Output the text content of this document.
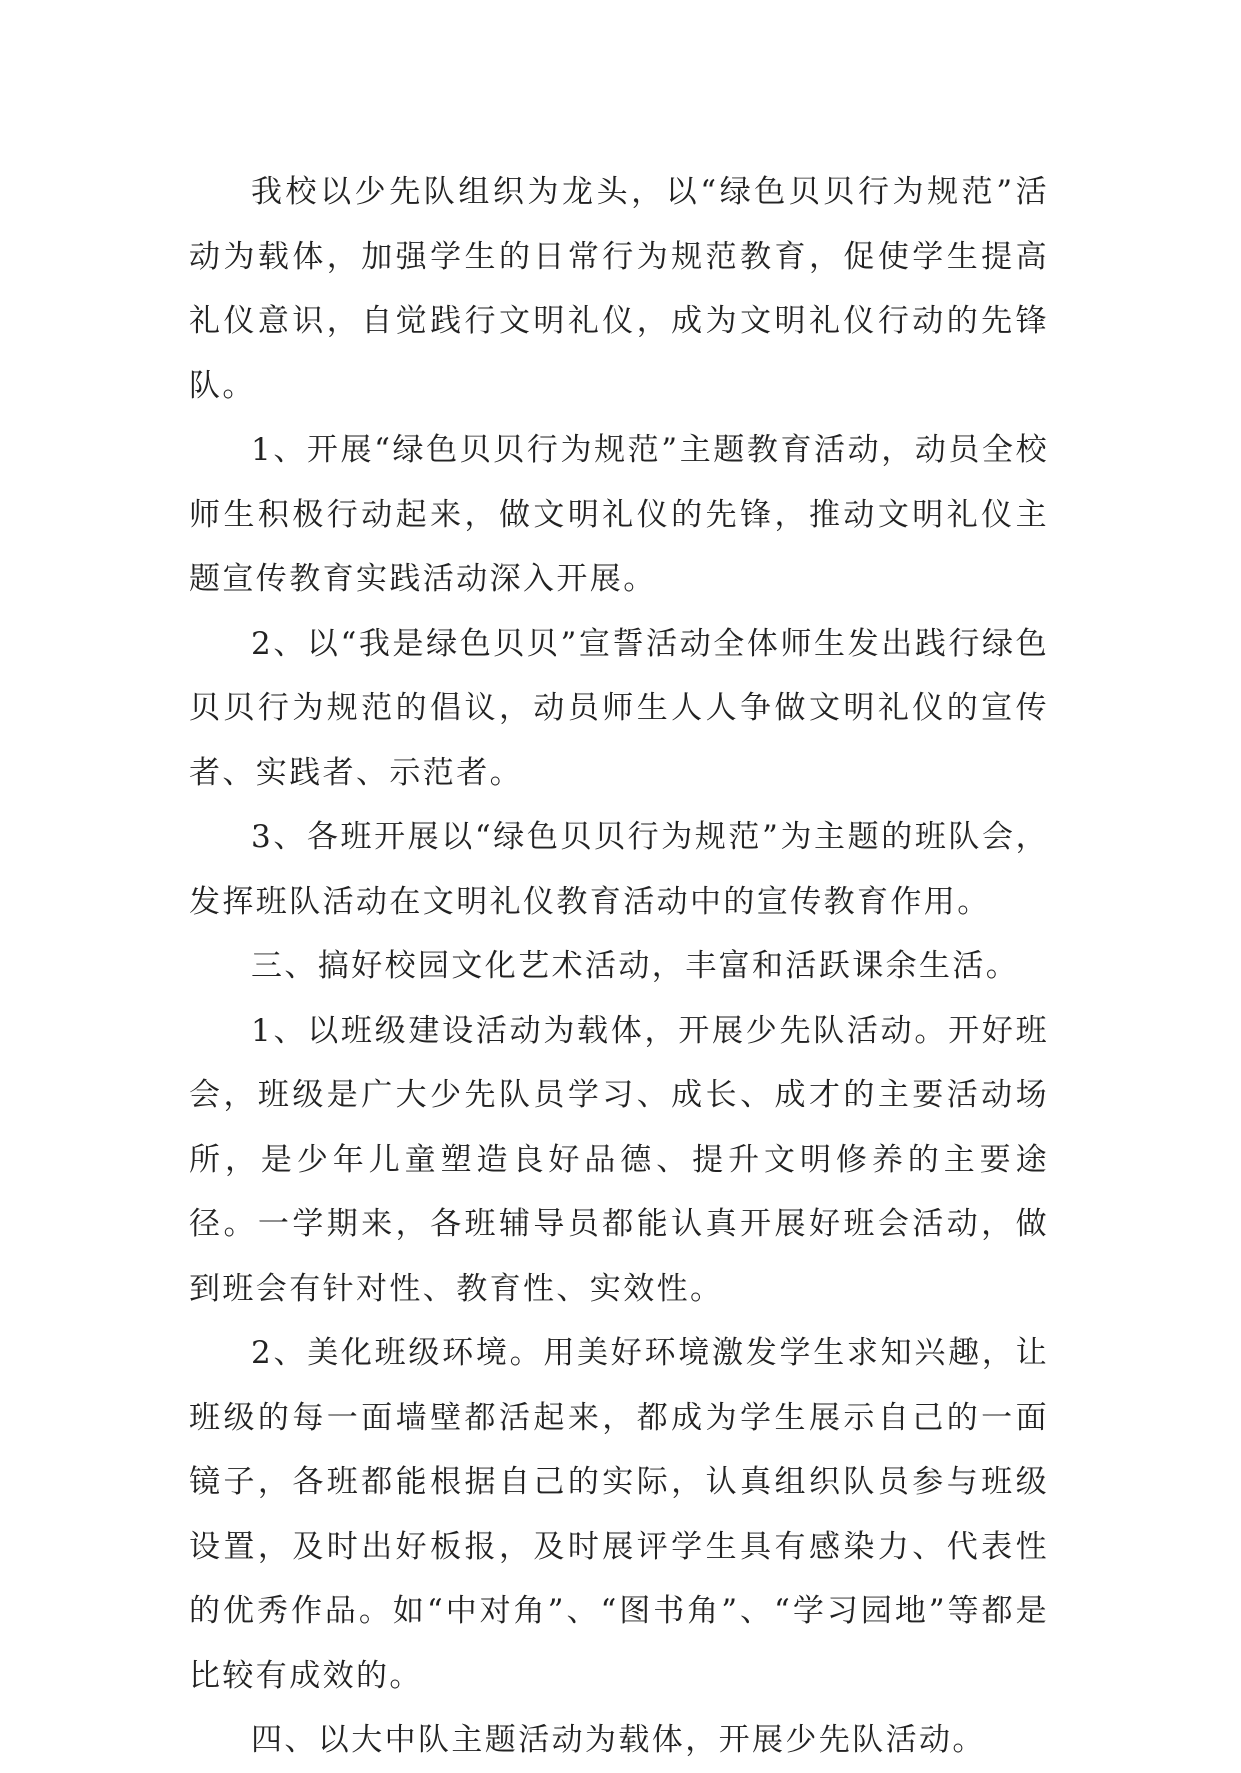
我校以少先队组织为龙头，以“绿色贝贝行为规范”活动为载体，加强学生的日常行为规范教育，促使学生提高礼仪意识，自觉践行文明礼仪，成为文明礼仪行动的先锋队。

1、开展“绿色贝贝行为规范”主题教育活动，动员全校师生积极行动起来，做文明礼仪的先锋，推动文明礼仪主题宣传教育实践活动深入开展。

2、以“我是绿色贝贝”宣誓活动全体师生发出践行绿色贝贝行为规范的倡议，动员师生人人争做文明礼仪的宣传者、实践者、示范者。

3、各班开展以“绿色贝贝行为规范”为主题的班队会，发挥班队活动在文明礼仪教育活动中的宣传教育作用。

三、搞好校园文化艺术活动，丰富和活跃课余生活。

1、以班级建设活动为载体，开展少先队活动。开好班会，班级是广大少先队员学习、成长、成才的主要活动场所，是少年儿童塑造良好品德、提升文明修养的主要途径。一学期来，各班辅导员都能认真开展好班会活动，做到班会有针对性、教育性、实效性。

2、美化班级环境。用美好环境激发学生求知兴趣，让班级的每一面墙壁都活起来，都成为学生展示自己的一面镜子，各班都能根据自己的实际，认真组织队员参与班级设置，及时出好板报，及时展评学生具有感染力、代表性的优秀作品。如“中对角”、“图书角”、“学习园地”等都是比较有成效的。

四、以大中队主题活动为载体，开展少先队活动。
